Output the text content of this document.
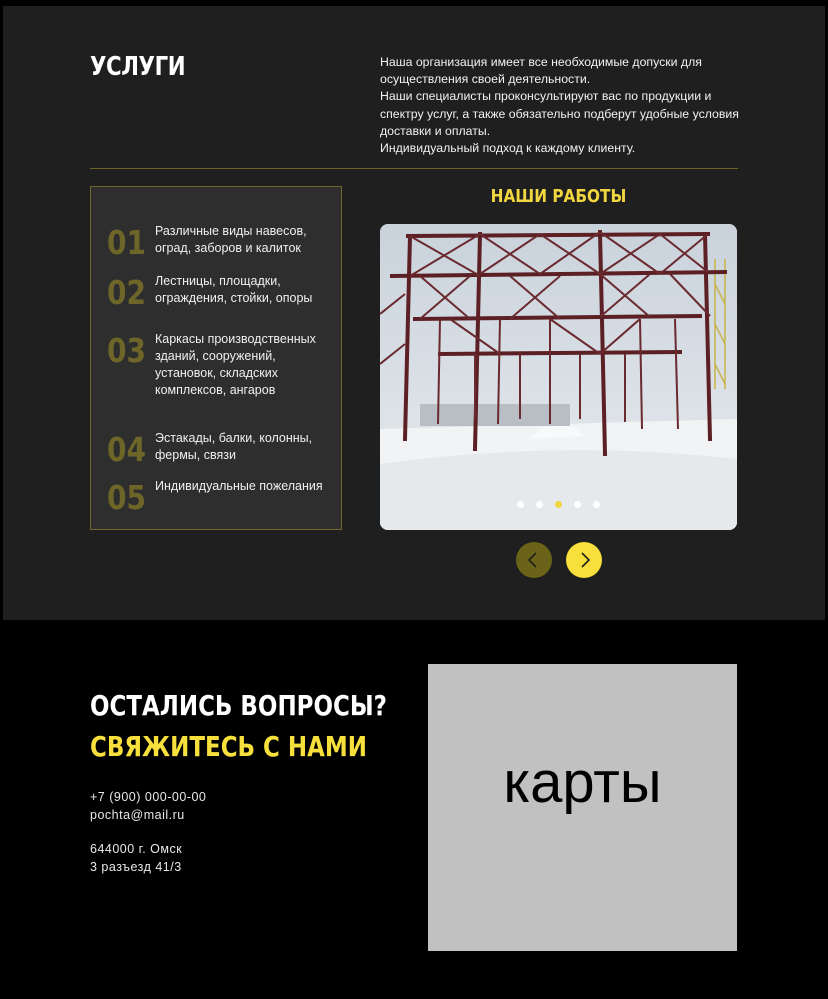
УСЛУГИ	Наша организация имеет все необходимые допуски для
осуществления своей деятельности.
Наши специалисты проконсультируют вас по продукции и
спектру услуг, а также обязательно подберут удобные условия
доставки и оплаты.
Индивидуальный подход к каждому клиенту.
01 Различные виды навесов, оград, заборов и калиток
02 Лестницы, площадки, ограждения, стойки, опоры
03 Каркасы производственных зданий, сооружений, установок, складских комплексов, ангаров
04 Эстакады, балки, колонны, фермы, связи
05 Индивидуальные пожелания
НАШИ РАБОТЫ
ОСТАЛИСЬ ВОПРОСЫ?
СВЯЖИТЕСЬ С НАМИ
+7 (900) 000-00-00
pochta@mail.ru
644000 г. Омск
3 разъезд 41/3
карты
